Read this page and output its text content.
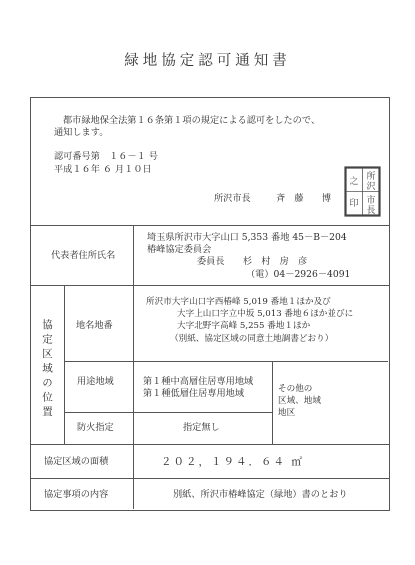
緑地協定認可通知書
都市緑地保全法第１６条第１項の規定による認可をしたので、
通知します。
認可番号第　１６－１ 号
平成１６年 ６ 月１０日
所沢市長	斉　藤　　博
所
沢
市
長
之
印
代表者住所氏名
埼玉県所沢市大字山口 5,353 番地 45－B－204
椿峰協定委員会
委員長　　杉　村　房　彦
（電）04－2926－4091
協定区域の位置	地名地番
所沢市大字山口字西椿峰 5,019 番地１ほか及び
大字上山口字立中坂 5,013 番地６ほか並びに
大字北野字高峰 5,255 番地１ほか
（別紙、協定区域の同意土地調書どおり）
用途地域	第１種中高層住居専用地域
第１種低層住居専用地域	その他の
区域、地域
地区
防火指定	指定無し
協定区域の面積	２０２，１９４．６４ ㎡
協定事項の内容	別紙、所沢市椿峰協定（緑地）書のとおり
